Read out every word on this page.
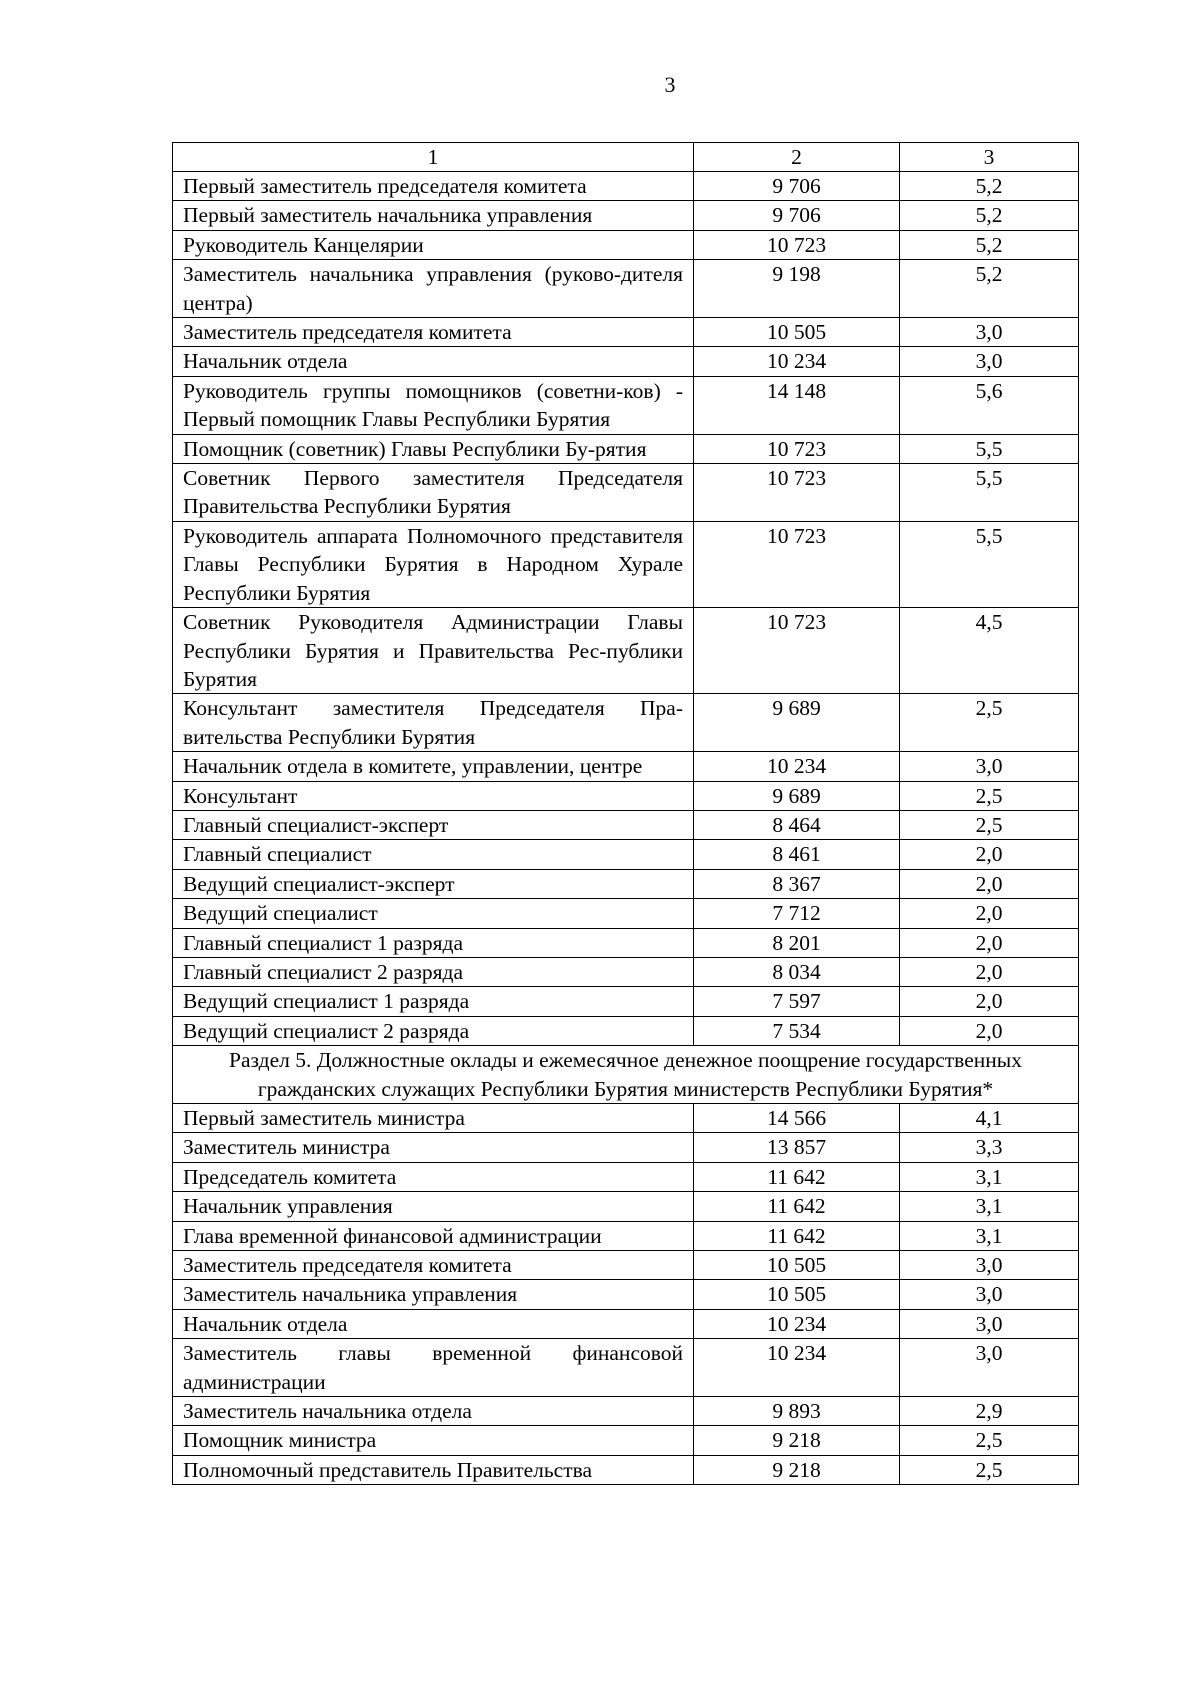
3
1	2	3
Первый заместитель председателя комитета	9 706	5,2
Первый заместитель начальника управления	9 706	5,2
Руководитель Канцелярии	10 723	5,2
Заместитель начальника управления (руково-дителя центра)	9 198	5,2
Заместитель председателя комитета	10 505	3,0
Начальник отдела	10 234	3,0
Руководитель группы помощников (советни-ков) - Первый помощник Главы Республики Бурятия	14 148	5,6
Помощник (советник) Главы Республики Бу-рятия	10 723	5,5
Советник Первого заместителя Председателя Правительства Республики Бурятия	10 723	5,5
Руководитель аппарата Полномочного представителя Главы Республики Бурятия в Народном Хурале Республики Бурятия	10 723	5,5
Советник Руководителя Администрации Главы Республики Бурятия и Правительства Рес-публики Бурятия	10 723	4,5
Консультант заместителя Председателя Пра-вительства Республики Бурятия	9 689	2,5
Начальник отдела в комитете, управлении, центре	10 234	3,0
Консультант	9 689	2,5
Главный специалист-эксперт	8 464	2,5
Главный специалист	8 461	2,0
Ведущий специалист-эксперт	8 367	2,0
Ведущий специалист	7 712	2,0
Главный специалист 1 разряда	8 201	2,0
Главный специалист 2 разряда	8 034	2,0
Ведущий специалист 1 разряда	7 597	2,0
Ведущий специалист 2 разряда	7 534	2,0
Раздел 5. Должностные оклады и ежемесячное денежное поощрение государственных гражданских служащих Республики Бурятия министерств Республики Бурятия*		
Первый заместитель министра	14 566	4,1
Заместитель министра	13 857	3,3
Председатель комитета	11 642	3,1
Начальник управления	11 642	3,1
Глава временной финансовой администрации	11 642	3,1
Заместитель председателя комитета	10 505	3,0
Заместитель начальника управления	10 505	3,0
Начальник отдела	10 234	3,0
Заместитель главы временной финансовой администрации	10 234	3,0
Заместитель начальника отдела	9 893	2,9
Помощник министра	9 218	2,5
Полномочный представитель Правительства	9 218	2,5
